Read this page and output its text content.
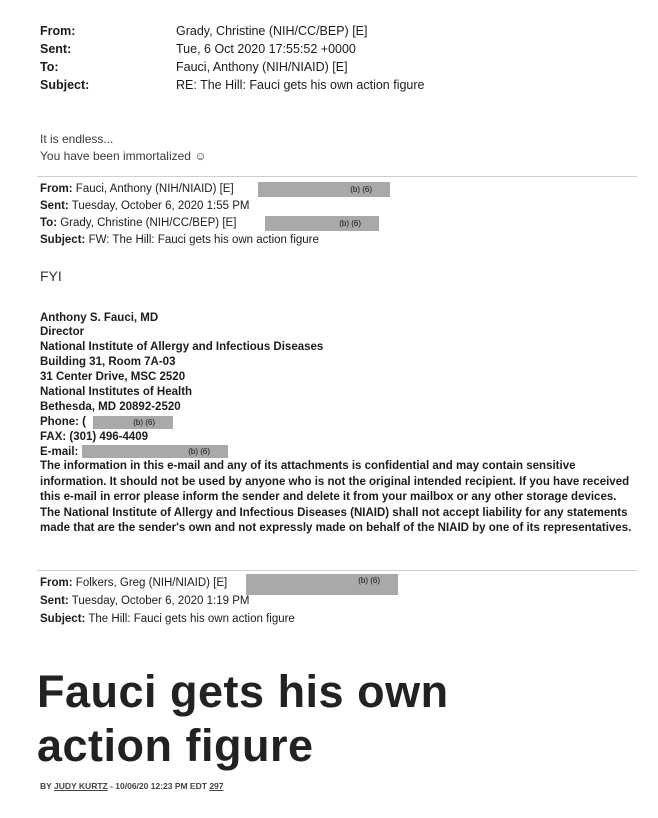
From:	Grady, Christine (NIH/CC/BEP) [E]
Sent:	Tue, 6 Oct 2020 17:55:52 +0000
To:	Fauci, Anthony (NIH/NIAID) [E]
Subject:	RE: The Hill: Fauci gets his own action figure
It is endless...
You have been immortalized ☺
From: Fauci, Anthony (NIH/NIAID) [E]	(b) (6)
Sent: Tuesday, October 6, 2020 1:55 PM
To: Grady, Christine (NIH/CC/BEP) [E]	(b) (6)
Subject: FW: The Hill: Fauci gets his own action figure
FYI
Anthony S. Fauci, MD
Director
National Institute of Allergy and Infectious Diseases
Building 31, Room 7A-03
31 Center Drive, MSC 2520
National Institutes of Health
Bethesda, MD 20892-2520
Phone: (	(b) (6)
FAX: (301) 496-4409
E-mail:	(b) (6)
The information in this e-mail and any of its attachments is confidential and may contain sensitive information. It should not be used by anyone who is not the original intended recipient. If you have received this e-mail in error please inform the sender and delete it from your mailbox or any other storage devices. The National Institute of Allergy and Infectious Diseases (NIAID) shall not accept liability for any statements made that are the sender's own and not expressly made on behalf of the NIAID by one of its representatives.
From: Folkers, Greg (NIH/NIAID) [E]	(b) (6)
Sent: Tuesday, October 6, 2020 1:19 PM
Subject: The Hill: Fauci gets his own action figure
Fauci gets his own
action figure
BY JUDY KURTZ - 10/06/20 12:23 PM EDT 297
